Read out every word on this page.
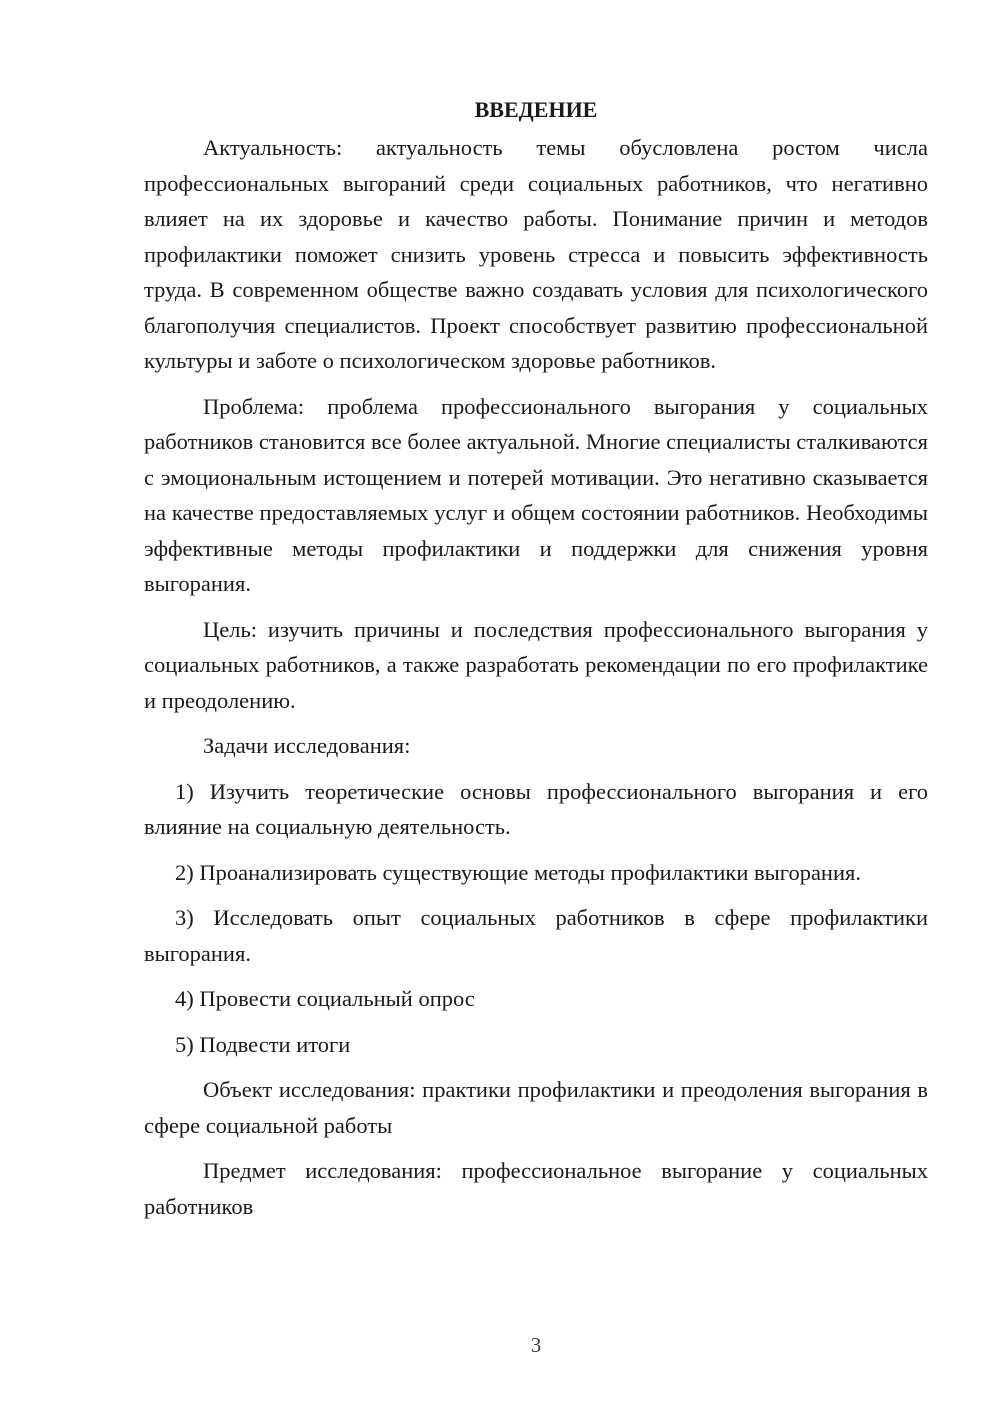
ВВЕДЕНИЕ

Актуальность: актуальность темы обусловлена ростом числа профессиональных выгораний среди социальных работников, что негативно влияет на их здоровье и качество работы. Понимание причин и методов профилактики поможет снизить уровень стресса и повысить эффективность труда. В современном обществе важно создавать условия для психологического благополучия специалистов. Проект способствует развитию профессиональной культуры и заботе о психологическом здоровье работников.

Проблема: проблема профессионального выгорания у социальных работников становится все более актуальной. Многие специалисты сталкиваются с эмоциональным истощением и потерей мотивации. Это негативно сказывается на качестве предоставляемых услуг и общем состоянии работников. Необходимы эффективные методы профилактики и поддержки для снижения уровня выгорания.

Цель: изучить причины и последствия профессионального выгорания у социальных работников, а также разработать рекомендации по его профилактике и преодолению.

Задачи исследования:

1) Изучить теоретические основы профессионального выгорания и его влияние на социальную деятельность.

2) Проанализировать существующие методы профилактики выгорания.

3) Исследовать опыт социальных работников в сфере профилактики выгорания.

4) Провести социальный опрос

5) Подвести итоги

Объект исследования: практики профилактики и преодоления выгорания в сфере социальной работы

Предмет исследования: профессиональное выгорание у социальных работников

3
